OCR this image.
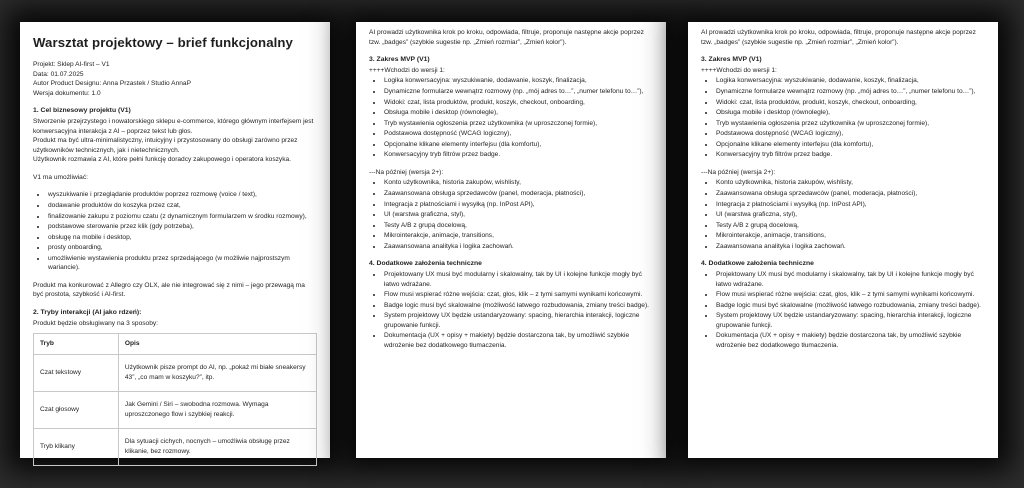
Warsztat projektowy – brief funkcjonalny

Projekt: Sklep AI-first – V1

Data: 01.07.2025

Autor Product Designu: Anna Przastek / Studio AnnaP

Wersja dokumentu: 1.0

1. Cel biznesowy projektu (V1)

Stworzenie przejrzystego i nowatorskiego sklepu e-commerce, którego głównym interfejsem jest konwersacyjna interakcja z AI – poprzez tekst lub głos.

Produkt ma być ultra-minimalistyczny, intuicyjny i przystosowany do obsługi zarówno przez użytkowników technicznych, jak i nietechnicznych.

Użytkownik rozmawia z AI, które pełni funkcję doradcy zakupowego i operatora koszyka.

V1 ma umożliwiać:

• wyszukiwanie i przeglądanie produktów poprzez rozmowę (voice / text),
• dodawanie produktów do koszyka przez czat,
• finalizowanie zakupu z poziomu czatu (z dynamicznym formularzem w środku rozmowy),
• podstawowe sterowanie przez klik (gdy potrzeba),
• obsługę na mobile i desktop,
• prosty onboarding,
• umożliwienie wystawienia produktu przez sprzedającego (w możliwie najprostszym wariancie).

Produkt ma konkurować z Allegro czy OLX, ale nie integrować się z nimi – jego przewagą ma być prostota, szybkość i AI-first.

2. Tryby interakcji (AI jako rdzeń):

Produkt będzie obsługiwany na 3 sposoby:

Tryb	Opis
Czat tekstowy	Użytkownik pisze prompt do AI, np. „pokaż mi białe sneakersy 43”, „co mam w koszyku?”, itp.
Czat głosowy	Jak Gemini / Siri – swobodna rozmowa. Wymaga uproszczonego flow i szybkiej reakcji.
Tryb klikany	Dla sytuacji cichych, nocnych – umożliwia obsługę przez klikanie, bez rozmowy.

AI prowadzi użytkownika krok po kroku, odpowiada, filtruje, proponuje następne akcje poprzez tzw. „badges” (szybkie sugestie np. „Zmień rozmiar”, „Zmień kolor”).

3. Zakres MVP (V1)

++++Wchodzi do wersji 1:

• Logika konwersacyjna: wyszukiwanie, dodawanie, koszyk, finalizacja,
• Dynamiczne formularze wewnątrz rozmowy (np. „mój adres to…”, „numer telefonu to…”),
• Widoki: czat, lista produktów, produkt, koszyk, checkout, onboarding,
• Obsługa mobile i desktop (równolegle),
• Tryb wystawienia ogłoszenia przez użytkownika (w uproszczonej formie),
• Podstawowa dostępność (WCAG logiczny),
• Opcjonalne klikane elementy interfejsu (dla komfortu),
• Konwersacyjny tryb filtrów przez badge.

---Na później (wersja 2+):

• Konto użytkownika, historia zakupów, wishlisty,
• Zaawansowana obsługa sprzedawców (panel, moderacja, płatności),
• Integracja z płatnościami i wysyłką (np. InPost API),
• UI (warstwa graficzna, styl),
• Testy A/B z grupą docelową,
• Mikrointerakcje, animacje, transitions,
• Zaawansowana analityka i logika zachowań.
4. Dodatkowe założenia techniczne
• Projektowany UX musi być modularny i skalowalny, tak by UI i kolejne funkcje mogły być łatwo wdrażane.
• Flow musi wspierać różne wejścia: czat, głos, klik – z tymi samymi wynikami końcowymi.
• Badge logic musi być skalowalne (możliwość łatwego rozbudowania, zmiany treści badge).
• System projektowy UX będzie ustandaryzowany: spacing, hierarchia interakcji, logiczne grupowanie funkcji.
• Dokumentacja (UX + opisy + makiety) będzie dostarczona tak, by umożliwić szybkie wdrożenie bez dodatkowego tłumaczenia.

AI prowadzi użytkownika krok po kroku, odpowiada, filtruje, proponuje następne akcje poprzez tzw. „badges” (szybkie sugestie np. „Zmień rozmiar”, „Zmień kolor”).

3. Zakres MVP (V1)

++++Wchodzi do wersji 1:

• Logika konwersacyjna: wyszukiwanie, dodawanie, koszyk, finalizacja,
• Dynamiczne formularze wewnątrz rozmowy (np. „mój adres to…”, „numer telefonu to…”),
• Widoki: czat, lista produktów, produkt, koszyk, checkout, onboarding,
• Obsługa mobile i desktop (równolegle),
• Tryb wystawienia ogłoszenia przez użytkownika (w uproszczonej formie),
• Podstawowa dostępność (WCAG logiczny),
• Opcjonalne klikane elementy interfejsu (dla komfortu),
• Konwersacyjny tryb filtrów przez badge.

---Na później (wersja 2+):

• Konto użytkownika, historia zakupów, wishlisty,
• Zaawansowana obsługa sprzedawców (panel, moderacja, płatności),
• Integracja z płatnościami i wysyłką (np. InPost API),
• UI (warstwa graficzna, styl),
• Testy A/B z grupą docelową,
• Mikrointerakcje, animacje, transitions,
• Zaawansowana analityka i logika zachowań.
4. Dodatkowe założenia techniczne
• Projektowany UX musi być modularny i skalowalny, tak by UI i kolejne funkcje mogły być łatwo wdrażane.
• Flow musi wspierać różne wejścia: czat, głos, klik – z tymi samymi wynikami końcowymi.
• Badge logic musi być skalowalne (możliwość łatwego rozbudowania, zmiany treści badge).
• System projektowy UX będzie ustandaryzowany: spacing, hierarchia interakcji, logiczne grupowanie funkcji.
• Dokumentacja (UX + opisy + makiety) będzie dostarczona tak, by umożliwić szybkie wdrożenie bez dodatkowego tłumaczenia.
